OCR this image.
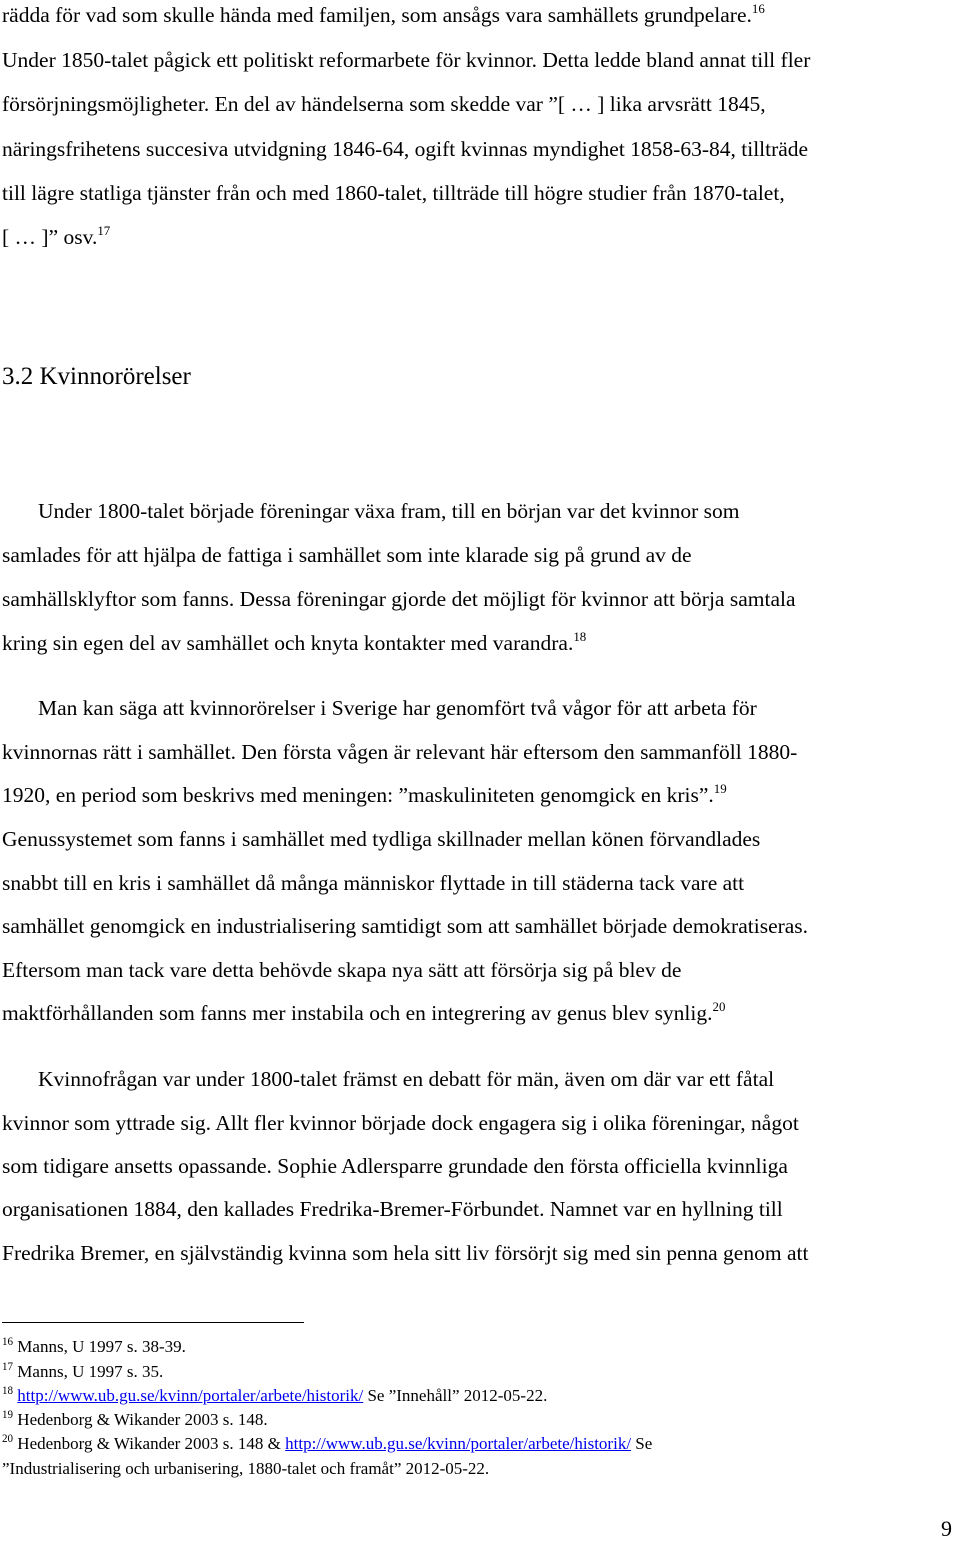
rädda för vad som skulle hända med familjen, som ansågs vara samhällets grundpelare.$^{16}$
Under 1850-talet pågick ett politiskt reformarbete för kvinnor. Detta ledde bland annat till fler
försörjningsmöjligheter. En del av händelserna som skedde var ”[ … ] lika arvsrätt 1845,
näringsfrihetens succesiva utvidgning 1846-64, ogift kvinnas myndighet 1858-63-84, tillträde
till lägre statliga tjänster från och med 1860-talet, tillträde till högre studier från 1870-talet,
[ … ]” osv.$^{17}$
3.2 Kvinnorörelser
Under 1800-talet började föreningar växa fram, till en början var det kvinnor som
samlades för att hjälpa de fattiga i samhället som inte klarade sig på grund av de
samhällsklyftor som fanns. Dessa föreningar gjorde det möjligt för kvinnor att börja samtala
kring sin egen del av samhället och knyta kontakter med varandra.$^{18}$
Man kan säga att kvinnorörelser i Sverige har genomfört två vågor för att arbeta för
kvinnornas rätt i samhället. Den första vågen är relevant här eftersom den sammanföll 1880-
1920, en period som beskrivs med meningen: ”maskuliniteten genomgick en kris”.$^{19}$
Genussystemet som fanns i samhället med tydliga skillnader mellan könen förvandlades
snabbt till en kris i samhället då många människor flyttade in till städerna tack vare att
samhället genomgick en industrialisering samtidigt som att samhället började demokratiseras.
Eftersom man tack vare detta behövde skapa nya sätt att försörja sig på blev de
maktförhållanden som fanns mer instabila och en integrering av genus blev synlig.$^{20}$
Kvinnofrågan var under 1800-talet främst en debatt för män, även om där var ett fåtal
kvinnor som yttrade sig. Allt fler kvinnor började dock engagera sig i olika föreningar, något
som tidigare ansetts opassande. Sophie Adlersparre grundade den första officiella kvinnliga
organisationen 1884, den kallades Fredrika-Bremer-Förbundet. Namnet var en hyllning till
Fredrika Bremer, en självständig kvinna som hela sitt liv försörjt sig med sin penna genom att
$^{16}$ Manns, U 1997 s. 38-39.
$^{17}$ Manns, U 1997 s. 35.
$^{18}$ http://www.ub.gu.se/kvinn/portaler/arbete/historik/ Se ”Innehåll” 2012-05-22.
$^{19}$ Hedenborg & Wikander 2003 s. 148.
$^{20}$ Hedenborg & Wikander 2003 s. 148 & http://www.ub.gu.se/kvinn/portaler/arbete/historik/ Se
”Industrialisering och urbanisering, 1880-talet och framåt” 2012-05-22.
9
